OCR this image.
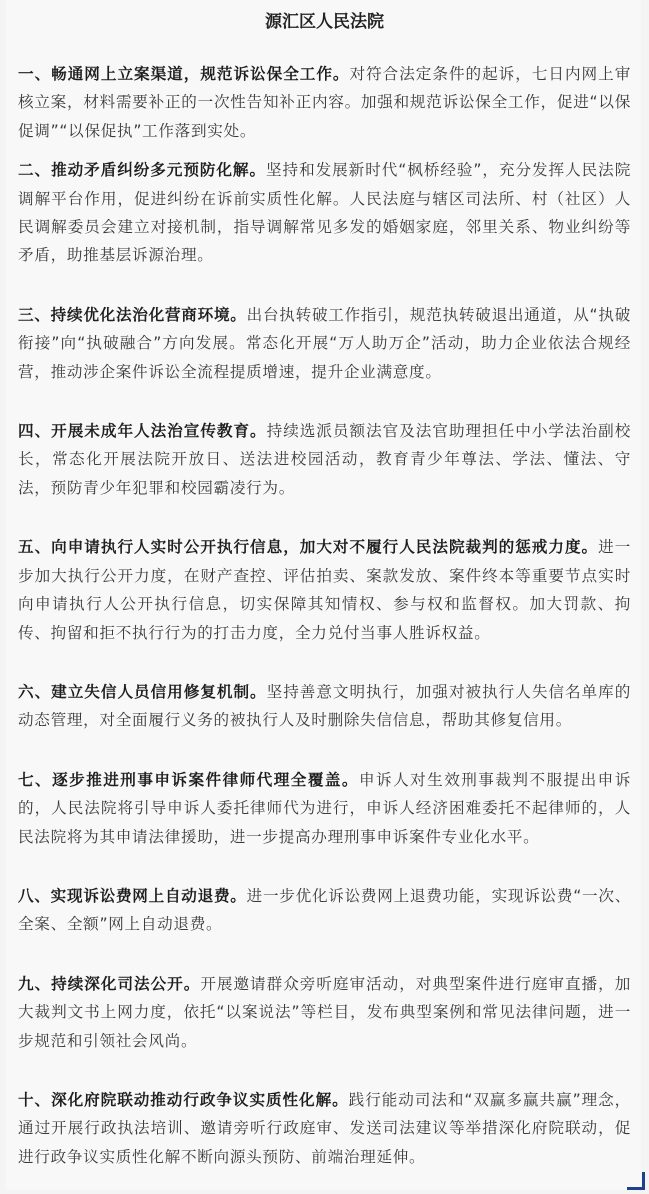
源汇区人民法院

一、畅通网上立案渠道，规范诉讼保全工作。对符合法定条件的起诉，七日内网上审核立案，材料需要补正的一次性告知补正内容。加强和规范诉讼保全工作，促进“以保促调”“以保促执”工作落到实处。

二、推动矛盾纠纷多元预防化解。坚持和发展新时代“枫桥经验”，充分发挥人民法院调解平台作用，促进纠纷在诉前实质性化解。人民法庭与辖区司法所、村（社区）人民调解委员会建立对接机制，指导调解常见多发的婚姻家庭，邻里关系、物业纠纷等矛盾，助推基层诉源治理。

三、持续优化法治化营商环境。出台执转破工作指引，规范执转破退出通道，从“执破衔接”向“执破融合”方向发展。常态化开展“万人助万企”活动，助力企业依法合规经营，推动涉企案件诉讼全流程提质增速，提升企业满意度。

四、开展未成年人法治宣传教育。持续选派员额法官及法官助理担任中小学法治副校长，常态化开展法院开放日、送法进校园活动，教育青少年尊法、学法、懂法、守法，预防青少年犯罪和校园霸凌行为。

五、向申请执行人实时公开执行信息，加大对不履行人民法院裁判的惩戒力度。进一步加大执行公开力度，在财产查控、评估拍卖、案款发放、案件终本等重要节点实时向申请执行人公开执行信息，切实保障其知情权、参与权和监督权。加大罚款、拘传、拘留和拒不执行行为的打击力度，全力兑付当事人胜诉权益。

六、建立失信人员信用修复机制。坚持善意文明执行，加强对被执行人失信名单库的动态管理，对全面履行义务的被执行人及时删除失信信息，帮助其修复信用。

七、逐步推进刑事申诉案件律师代理全覆盖。申诉人对生效刑事裁判不服提出申诉的，人民法院将引导申诉人委托律师代为进行，申诉人经济困难委托不起律师的，人民法院将为其申请法律援助，进一步提高办理刑事申诉案件专业化水平。

八、实现诉讼费网上自动退费。进一步优化诉讼费网上退费功能，实现诉讼费“一次、全案、全额”网上自动退费。

九、持续深化司法公开。开展邀请群众旁听庭审活动，对典型案件进行庭审直播，加大裁判文书上网力度，依托“以案说法”等栏目，发布典型案例和常见法律问题，进一步规范和引领社会风尚。

十、深化府院联动推动行政争议实质性化解。践行能动司法和“双赢多赢共赢”理念，通过开展行政执法培训、邀请旁听行政庭审、发送司法建议等举措深化府院联动，促进行政争议实质性化解不断向源头预防、前端治理延伸。
